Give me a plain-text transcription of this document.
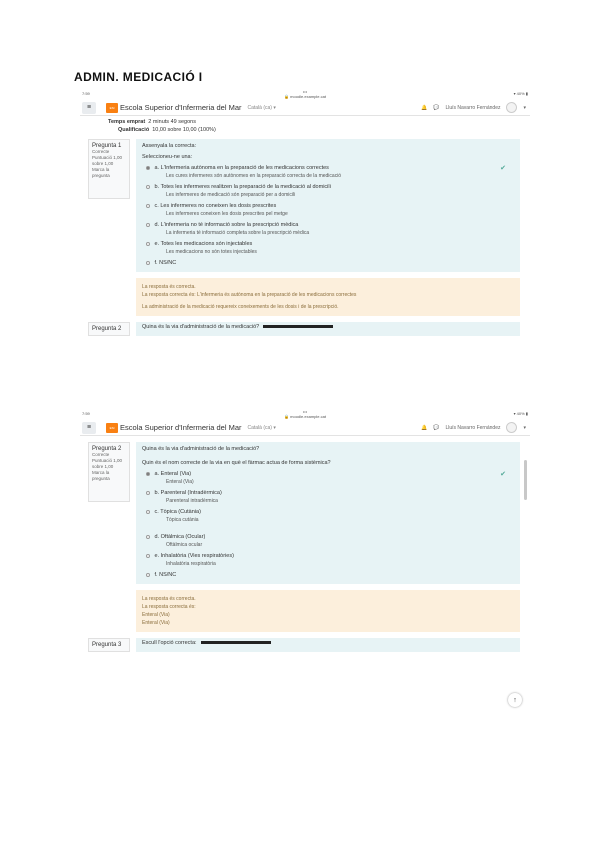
ADMIN. MEDICACIÓ I
7:59	•••
🔒 moodle.example.cat
▾ 40% ▮
≡	ESI Escola Superior d'Infermeria del Mar Català (ca) ▾	🔔 💬 Lluís Navarro Fernández	▾
Temps emprat 2 minuts 49 segons
Qualificació 10,00 sobre 10,00 (100%)
Pregunta 1
Correcte
Puntuació 1,00 sobre 1,00
Marca la pregunta
Assenyala la correcta:
Seleccioneu-ne una:
a. L'Infermeria autònoma en la preparació de les medicacions correctes	✔
Les cures infermeres són autònomes en la preparació correcta de la medicació
b. Totes les infermeres realitzen la preparació de la medicació al domicili
Les infermeres de medicació són preparació per a domicili
c. Les infermeres no coneixen les dosis prescrites
Les infermeres coneixen les dosis prescrites pel metge
d. L'infermeria no té informació sobre la prescripció mèdica
La infermeria té informació completa sobre la prescripció mèdica
e. Totes les medicacions són injectables
Les medicacions no són totes injectables
f. NS/NC
La resposta és correcta.
La resposta correcta és: L'infermeria és autònoma en la preparació de les medicacions correctes
La administració de la medicació requereix coneixements de les dosis i de la prescripció.
Pregunta 2	Quina és la via d'administració de la medicació?
7:59	•••
🔒 moodle.example.cat
▾ 40% ▮
≡	ESI Escola Superior d'Infermeria del Mar Català (ca) ▾	🔔 💬 Lluís Navarro Fernández	▾
Pregunta 2
Correcte
Puntuació 1,00 sobre 1,00
Marca la pregunta
Quina és la via d'administració de la medicació?
Quin és el nom correcte de la via en què el fàrmac actua de forma sistèmica?
a. Enteral (Via)	✔
Enteral (Via)
b. Parenteral (Intradèrmica)
Parenteral intradèrmica
c. Tòpica (Cutània)
Tòpica cutània
d. Oftàlmica (Ocular)
Oftàlmica ocular
e. Inhalatòria (Vies respiratòries)
Inhalatòria respiratòria
f. NS/NC
La resposta és correcta.
La resposta correcta és:
Enteral (Via)
Enteral (Via)
Pregunta 3	Escull l'opció correcta:
↑
